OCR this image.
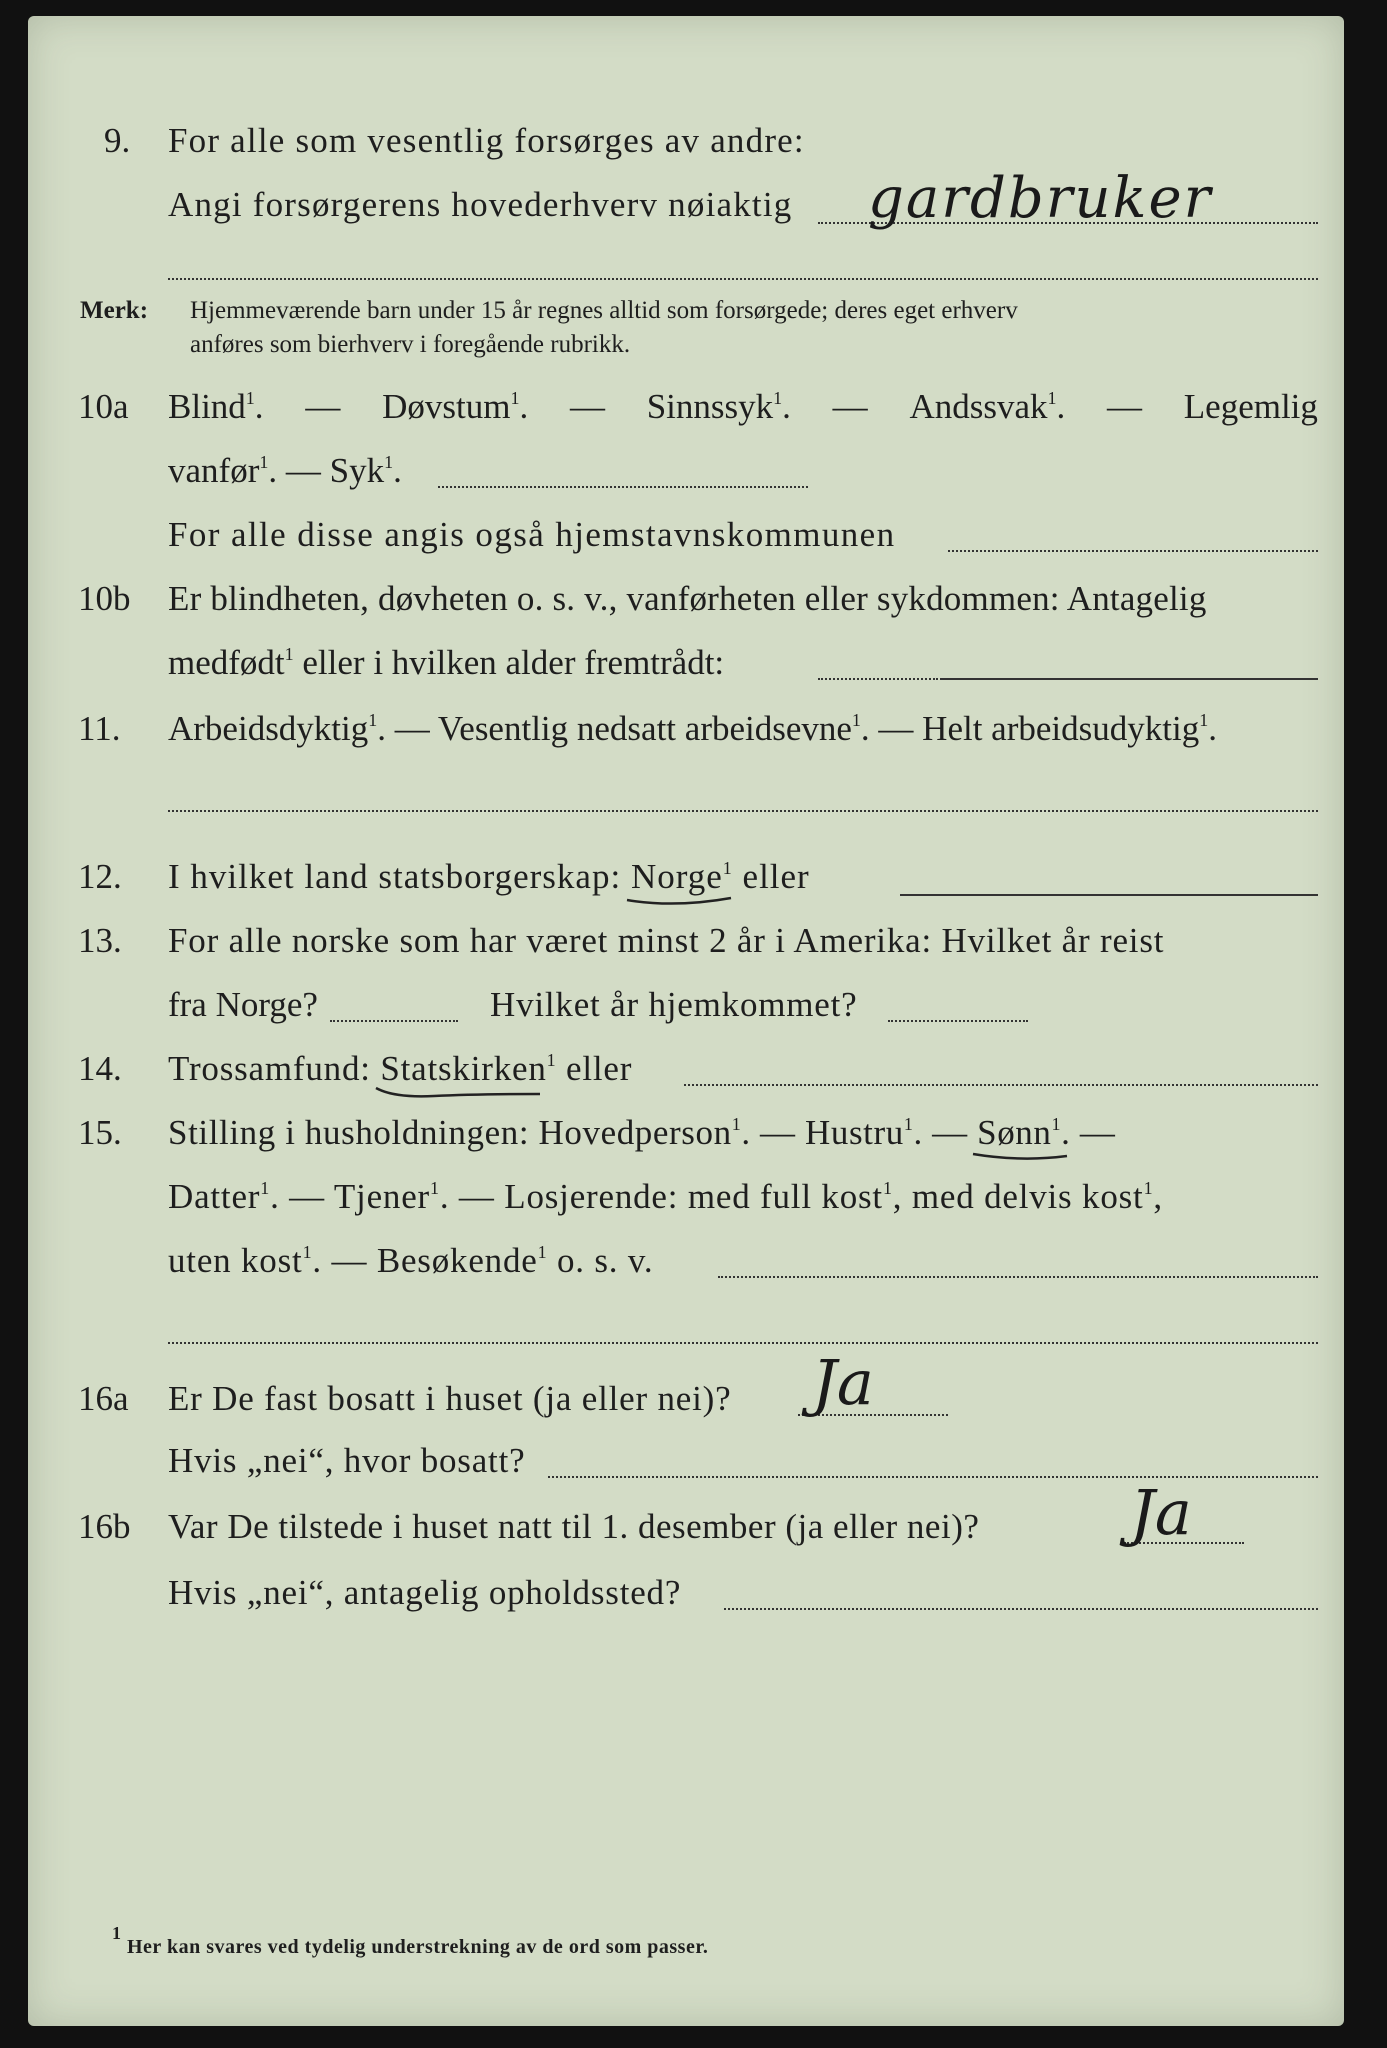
9. For alle som vesentlig forsørges av andre:
Angi forsørgerens hovederhverv nøiaktig gardbruker
Merk: Hjemmeværende barn under 15 år regnes alltid som forsørgede; deres eget erhverv
anføres som bierhverv i foregående rubrikk.
10a Blind$^1$. — Døvstum$^1$. — Sinnssyk$^1$. — Andssvak$^1$. — Legemlig
vanfør$^1$. — Syk$^1$.
For alle disse angis også hjemstavnskommunen
10b Er blindheten, døvheten o. s. v., vanførheten eller sykdommen: Antagelig
medfødt$^1$ eller i hvilken alder fremtrådt:
11. Arbeidsdyktig$^1$. — Vesentlig nedsatt arbeidsevne$^1$. — Helt arbeidsudyktig$^1$.
12. I hvilket land statsborgerskap: Norge$^1$ eller
13. For alle norske som har været minst 2 år i Amerika: Hvilket år reist
fra Norge?	Hvilket år hjemkommet?
14. Trossamfund: Statskirken$^1$ eller
15. Stilling i husholdningen: Hovedperson$^1$. — Hustru$^1$. — Sønn$^1$
. —
Datter$^1$. — Tjener$^1$. — Losjerende: med full kost$^1$, med delvis kost$^1$,
uten kost$^1$. — Besøkende$^1$ o. s. v.
16a Er De fast bosatt i huset (ja eller nei)? Ja
Hvis „nei“, hvor bosatt?
16b Var De tilstede i huset natt til 1. desember (ja eller nei)? Ja
Hvis „nei“, antagelig opholdssted?
$^1$ Her kan svares ved tydelig understrekning av de ord som passer.
